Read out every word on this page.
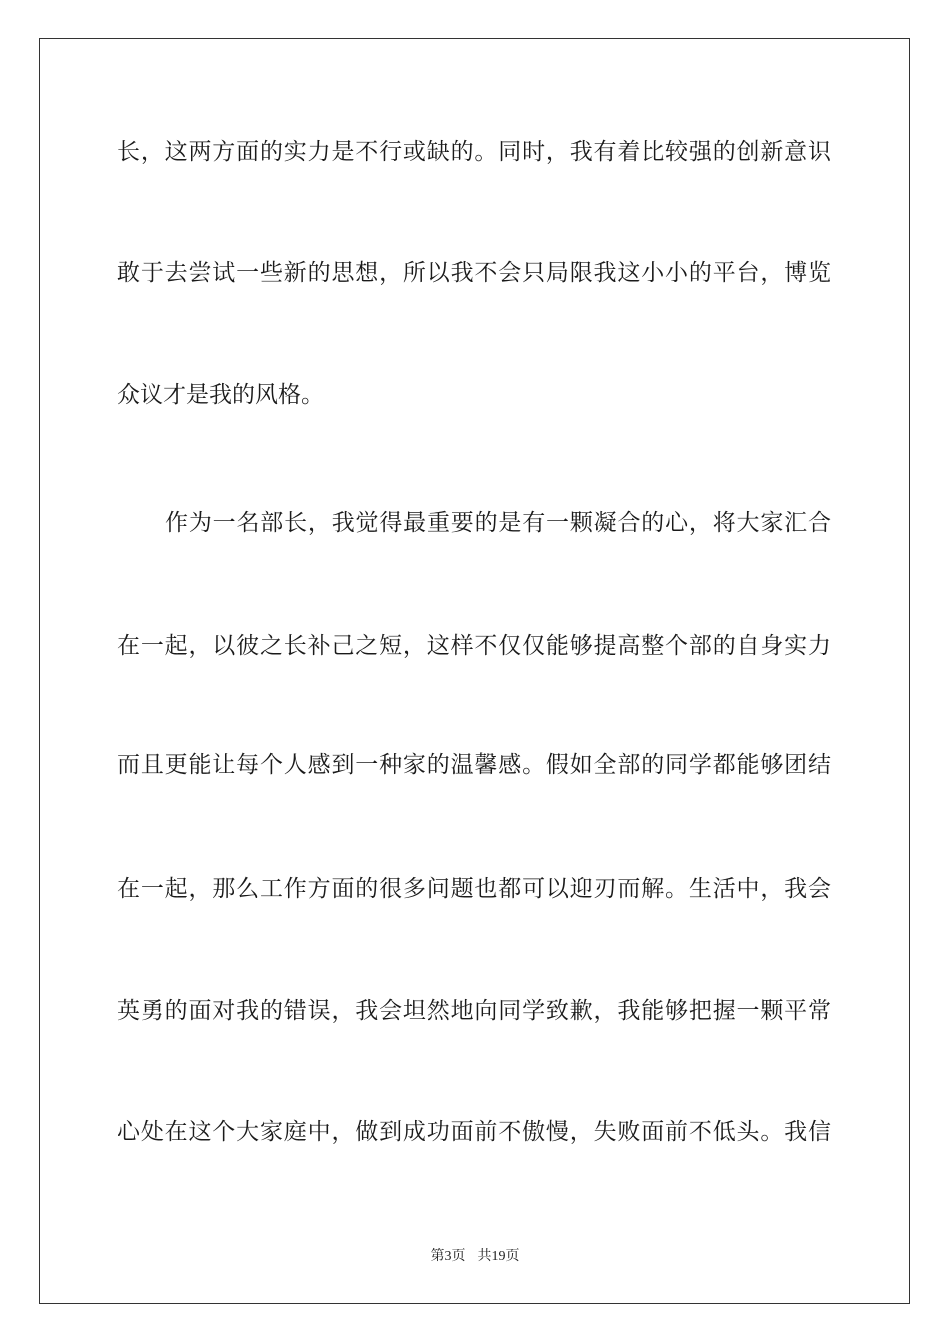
长，这两方面的实力是不行或缺的。同时，我有着比较强的创新意识
敢于去尝试一些新的思想，所以我不会只局限我这小小的平台，博览
众议才是我的风格。
作为一名部长，我觉得最重要的是有一颗凝合的心，将大家汇合
在一起，以彼之长补己之短，这样不仅仅能够提高整个部的自身实力
而且更能让每个人感到一种家的温馨感。假如全部的同学都能够团结
在一起，那么工作方面的很多问题也都可以迎刃而解。生活中，我会
英勇的面对我的错误，我会坦然地向同学致歉，我能够把握一颗平常
心处在这个大家庭中，做到成功面前不傲慢，失败面前不低头。我信
第3页 共19页
